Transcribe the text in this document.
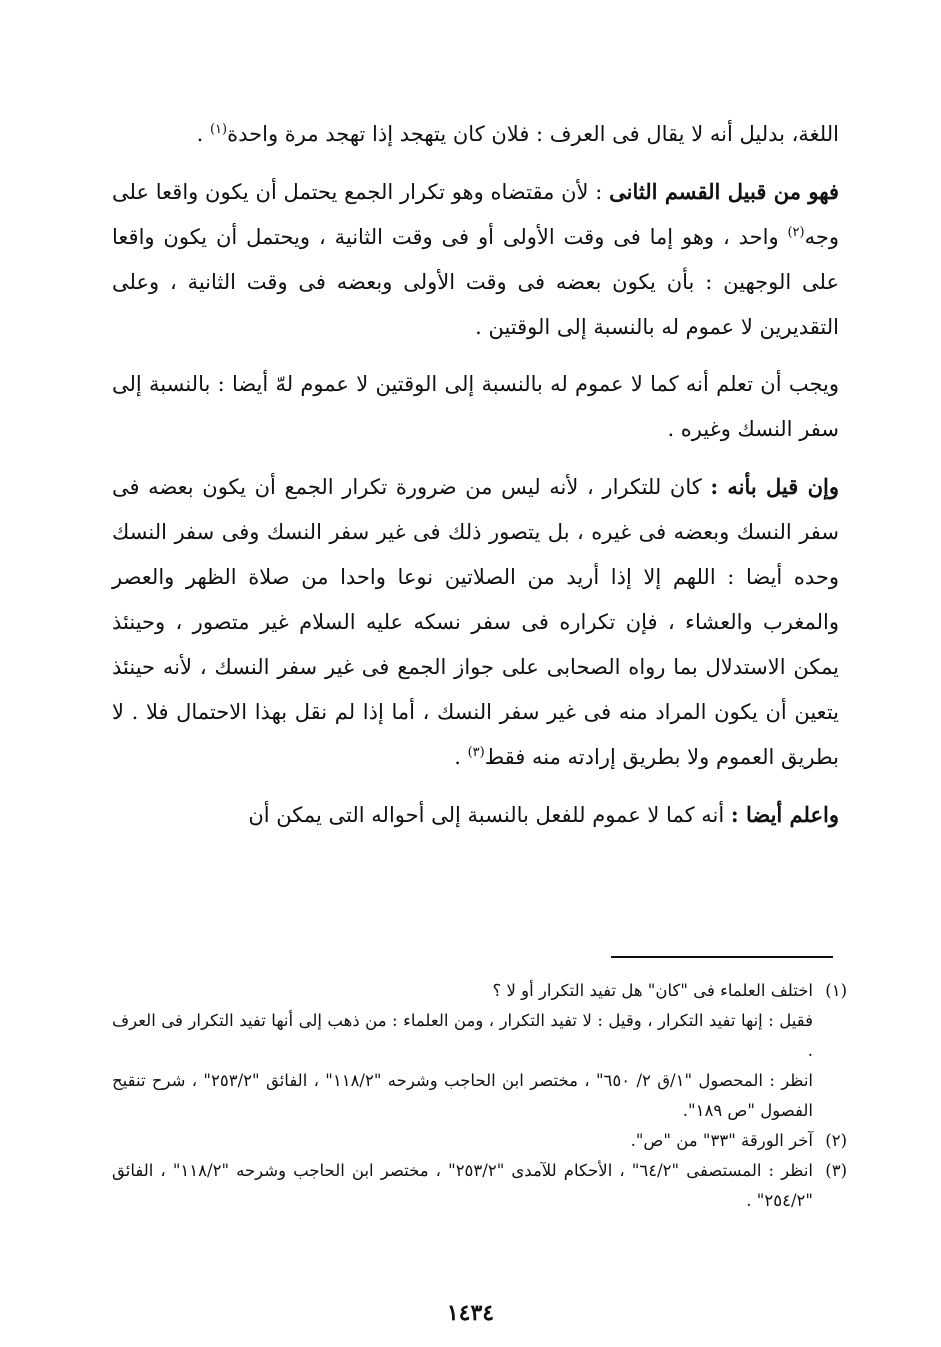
اللغة، بدليل أنه لا يقال فى العرف : فلان كان يتهجد إذا تهجد مرة واحدة$^{(١)}$ .

فهو من قبيل القسم الثانى : لأن مقتضاه وهو تكرار الجمع يحتمل أن يكون واقعا على وجه$^{(٢)}$ واحد ، وهو إما فى وقت الأولى أو فى وقت الثانية ، ويحتمل أن يكون واقعا على الوجهين : بأن يكون بعضه فى وقت الأولى وبعضه فى وقت الثانية ، وعلى التقديرين لا عموم له بالنسبة إلى الوقتين .

ويجب أن تعلم أنه كما لا عموم له بالنسبة إلى الوقتين لا عموم لهّ أيضا : بالنسبة إلى سفر النسك وغيره .

وإن قيل بأنه : كان للتكرار ، لأنه ليس من ضرورة تكرار الجمع أن يكون بعضه فى سفر النسك وبعضه فى غيره ، بل يتصور ذلك فى غير سفر النسك وفى سفر النسك وحده أيضا : اللهم إلا إذا أريد من الصلاتين نوعا واحدا من صلاة الظهر والعصر والمغرب والعشاء ، فإن تكراره فى سفر نسكه عليه السلام غير متصور ، وحينئذ يمكن الاستدلال بما رواه الصحابى على جواز الجمع فى غير سفر النسك ، لأنه حينئذ يتعين أن يكون المراد منه فى غير سفر النسك ، أما إذا لم نقل بهذا الاحتمال فلا . لا بطريق العموم ولا بطريق إرادته منه فقط$^{(٣)}$ .

واعلم أيضا : أنه كما لا عموم للفعل بالنسبة إلى أحواله التى يمكن أن

(١)

اختلف العلماء فى "كان" هل تفيد التكرار أو لا ؟

فقيل : إنها تفيد التكرار ، وقيل : لا تفيد التكرار ، ومن العلماء : من ذهب إلى أنها تفيد التكرار فى العرف .

انظر : المحصول "١/ق ٢/ ٦٥٠" ، مختصر ابن الحاجب وشرحه "١١٨/٢" ، الفائق "٢٥٣/٢" ، شرح تنقيح الفصول "ص ١٨٩".

(٢)

آخر الورقة "٣٣" من "ص".

(٣)

انظر : المستصفى "٦٤/٢" ، الأحكام للآمدى "٢٥٣/٢" ، مختصر ابن الحاجب وشرحه "١١٨/٢" ، الفائق "٢٥٤/٢" .

١٤٣٤
